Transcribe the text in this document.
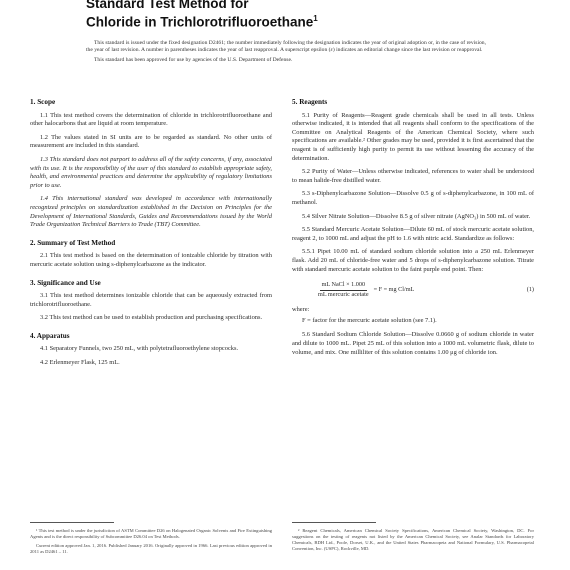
Standard Test Method for
Chloride in Trichlorotrifluoroethane$^1$

This standard is issued under the fixed designation D2461; the number immediately following the designation indicates the year of original adoption or, in the case of revision, the year of last revision. A number in parentheses indicates the year of last reapproval. A superscript epsilon (ε) indicates an editorial change since the last revision or reapproval.

This standard has been approved for use by agencies of the U.S. Department of Defense.

1. Scope

1.1 This test method covers the determination of chloride in trichlorotrifluoroethane and other halocarbons that are liquid at room temperature.

1.2 The values stated in SI units are to be regarded as standard. No other units of measurement are included in this standard.

1.3 This standard does not purport to address all of the safety concerns, if any, associated with its use. It is the responsibility of the user of this standard to establish appropriate safety, health, and environmental practices and determine the applicability of regulatory limitations prior to use.

1.4 This international standard was developed in accordance with internationally recognized principles on standardization established in the Decision on Principles for the Development of International Standards, Guides and Recommendations issued by the World Trade Organization Technical Barriers to Trade (TBT) Committee.

2. Summary of Test Method

2.1 This test method is based on the determination of ionizable chloride by titration with mercuric acetate solution using s-diphenylcarbazone as the indicator.

3. Significance and Use

3.1 This test method determines ionizable chloride that can be aqueously extracted from trichlorotrifluoroethane.

3.2 This test method can be used to establish production and purchasing specifications.

4. Apparatus

4.1 Separatory Funnels, two 250 mL, with polytetrafluoroethylene stopcocks.

4.2 Erlenmeyer Flask, 125 mL.

5. Reagents

5.1 Purity of Reagents—Reagent grade chemicals shall be used in all tests. Unless otherwise indicated, it is intended that all reagents shall conform to the specifications of the Committee on Analytical Reagents of the American Chemical Society, where such specifications are available.² Other grades may be used, provided it is first ascertained that the reagent is of sufficiently high purity to permit its use without lessening the accuracy of the determination.

5.2 Purity of Water—Unless otherwise indicated, references to water shall be understood to mean halide-free distilled water.

5.3 s-Diphenylcarbazone Solution—Dissolve 0.5 g of s-diphenylcarbazone, in 100 mL of methanol.

5.4 Silver Nitrate Solution—Dissolve 8.5 g of silver nitrate (AgNO₃) in 500 mL of water.

5.5 Standard Mercuric Acetate Solution—Dilute 60 mL of stock mercuric acetate solution, reagent 2, to 1000 mL and adjust the pH to 1.6 with nitric acid. Standardize as follows:

5.5.1 Pipet 10.00 mL of standard sodium chloride solution into a 250 mL Erlenmeyer flask. Add 20 mL of chloride-free water and 5 drops of s-diphenylcarbazone solution. Titrate with standard mercuric acetate solution to the faint purple end point. Then:

$\frac{\text{mL NaCl × 1.000}}{\text{mL mercuric acetate}} = F$ = mg Cl/mL	(1)
where:
F = factor for the mercuric acetate solution (see 7.1).

5.6 Standard Sodium Chloride Solution—Dissolve 0.0660 g of sodium chloride in water and dilute to 1000 mL. Pipet 25 mL of this solution into a 1000 mL volumetric flask, dilute to volume, and mix. One milliliter of this solution contains 1.00 μg of chloride ion.

¹ This test method is under the jurisdiction of ASTM Committee D26 on Halogenated Organic Solvents and Fire Extinguishing Agents and is the direct responsibility of Subcommittee D26.04 on Test Methods.

Current edition approved Jan. 1, 2016. Published January 2016. Originally approved in 1966. Last previous edition approved in 2011 as D2461 – 11.

² Reagent Chemicals, American Chemical Society Specifications, American Chemical Society, Washington, DC. For suggestions on the testing of reagents not listed by the American Chemical Society, see Analar Standards for Laboratory Chemicals, BDH Ltd., Poole, Dorset, U.K., and the United States Pharmacopeia and National Formulary, U.S. Pharmacopeial Convention, Inc. (USPC), Rockville, MD.
